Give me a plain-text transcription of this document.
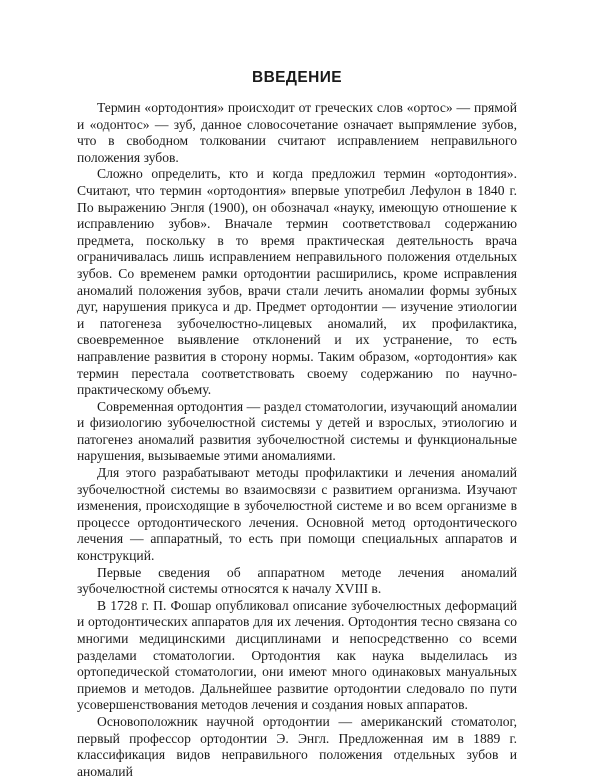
ВВЕДЕНИЕ

Термин «ортодонтия» происходит от греческих слов «ортос» — прямой и «одонтос» — зуб, данное словосочетание означает выпрямление зубов, что в свободном толковании считают исправлением неправильного положения зубов.

Сложно определить, кто и когда предложил термин «ортодонтия». Считают, что термин «ортодонтия» впервые употребил Лефулон в 1840 г. По выражению Энгля (1900), он обозначал «науку, имеющую отношение к исправлению зубов». Вначале термин соответствовал содержанию предмета, поскольку в то время практическая деятельность врача ограничивалась лишь исправлением неправильного положения отдельных зубов. Со временем рамки ортодонтии расширились, кроме исправления аномалий положения зубов, врачи стали лечить аномалии формы зубных дуг, нарушения прикуса и др. Предмет ортодонтии — изучение этиологии и патогенеза зубочелюстно-лицевых аномалий, их профилактика, своевременное выявление отклонений и их устранение, то есть направление развития в сторону нормы. Таким образом, «ортодонтия» как термин перестала соответствовать своему содержанию по научно-практическому объему.

Современная ортодонтия — раздел стоматологии, изучающий аномалии и физиологию зубочелюстной системы у детей и взрослых, этиологию и патогенез аномалий развития зубочелюстной системы и функциональные нарушения, вызываемые этими аномалиями.

Для этого разрабатывают методы профилактики и лечения аномалий зубочелюстной системы во взаимосвязи с развитием организма. Изучают изменения, происходящие в зубочелюстной системе и во всем организме в процессе ортодонтического лечения. Основной метод ортодонтического лечения — аппаратный, то есть при помощи специальных аппаратов и конструкций.

Первые сведения об аппаратном методе лечения аномалий зубочелюстной системы относятся к началу XVIII в.

В 1728 г. П. Фошар опубликовал описание зубочелюстных деформаций и ортодонтических аппаратов для их лечения. Ортодонтия тесно связана со многими медицинскими дисциплинами и непосредственно со всеми разделами стоматологии. Ортодонтия как наука выделилась из ортопедической стоматологии, они имеют много одинаковых мануальных приемов и методов. Дальнейшее развитие ортодонтии следовало по пути усовершенствования методов лечения и создания новых аппаратов.

Основоположник научной ортодонтии — американский стоматолог, первый профессор ортодонтии Э. Энгл. Предложенная им в 1889 г. классификация видов неправильного положения отдельных зубов и аномалий
